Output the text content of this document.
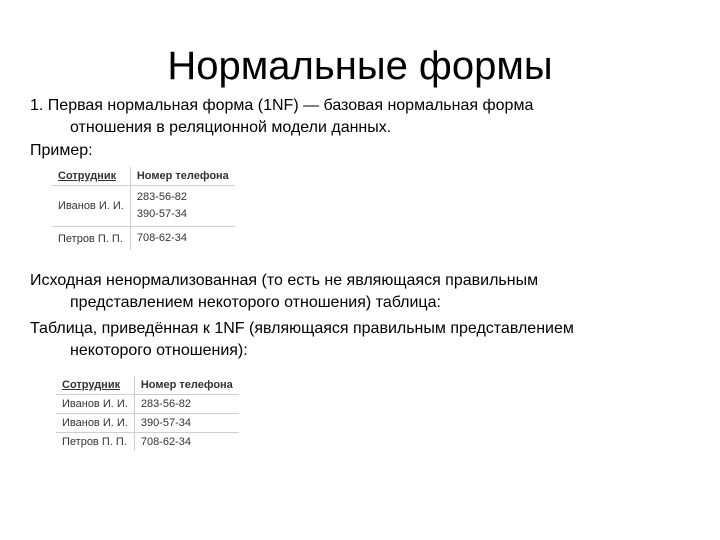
Нормальные формы
1. Первая нормальная форма (1NF) — базовая нормальная форма
отношения в реляционной модели данных.
Пример:
Сотрудник	Номер телефона
Иванов И. И.	283-56-82
390-57-34

Петров П. П.	708-62-34
Исходная ненормализованная (то есть не являющаяся правильным
представлением некоторого отношения) таблица:
Таблица, приведённая к 1NF (являющаяся правильным представлением
некоторого отношения):
Сотрудник	Номер телефона
Иванов И. И.	283-56-82
Иванов И. И.	390-57-34
Петров П. П.	708-62-34
